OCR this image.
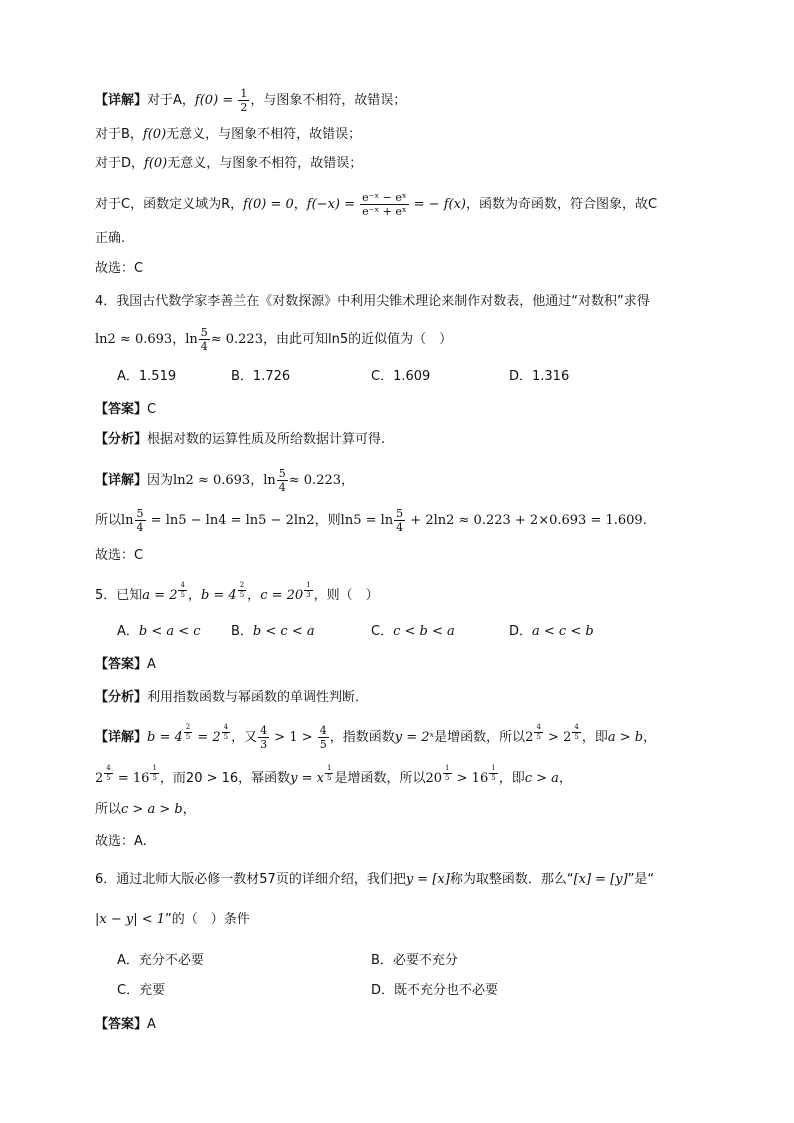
【详解】对于A，$f(0) = \frac{1}{2}$ ，与图象不相符，故错误；
对于B，f(0)无意义，与图象不相符，故错误；
对于D，f(0)无意义，与图象不相符，故错误；
对于C，函数定义域为R，f(0) = 0，$f(-x) = \frac{\text{e⁻ˣ − eˣ}}{\text{e⁻ˣ + eˣ}}$ = − f(x)，函数为奇函数，符合图象，故C
正确.
故选：C
4．我国古代数学家李善兰在《对数探源》中利用尖锥术理论来制作对数表，他通过“对数积”求得
ln2 ≈ 0.693，$\ln \frac{5}{4} \approx 0.223$，由此可知ln5的近似值为（　）
A．1.519	B．1.726	C．1.609	D．1.316
【答案】C
【分析】根据对数的运算性质及所给数据计算可得.
【详解】因为ln2 ≈ 0.693，$\ln \frac{5}{4} \approx 0.223$，
所以$\ln \frac{5}{4} = \ln 5 - \ln 4 = \ln 5 - 2\ln 2$，则$\ln 5 = \ln \frac{5}{4} + 2\ln 2 \approx 0.223 + 2\times 0.693 = 1.609$.
故选：C
5．已知a = 2 $^{\frac{4}{5}}$ ，b = 4 $^{\frac{2}{5}}$ ，c = 20 $^{\frac{1}{3}}$ ，则（　）
A．b < a < c B．b < c < a	C．c < b < a	D．a < c < b
【答案】A
【分析】利用指数函数与幂函数的单调性判断．
【详解】b = 4 $^{\frac{2}{5}}$ = 2 $^{\frac{4}{5}}$ ，又 $\frac{4}{3} > 1 > \frac{4}{5}$ ，指数函数y = 2ˣ是增函数，所以2 $^{\frac{4}{5}}$ > 2 $^{\frac{4}{5}}$ ，即a > b，
2 $^{\frac{4}{5}}$ = 16 $^{\frac{1}{5}}$ ，而20 > 16，幂函数y = x $^{\frac{1}{5}}$ 是增函数，所以20 $^{\frac{1}{5}}$ > 16 $^{\frac{1}{5}}$ ，即c > a，
所以c > a > b，
故选：A.
6．通过北师大版必修一教材57页的详细介绍，我们把y = [x]称为取整函数．那么“[x] = [y]”是“
|x − y| < 1”的（　）条件
A．充分不必要	B．必要不充分
C．充要	D．既不充分也不必要
【答案】A
